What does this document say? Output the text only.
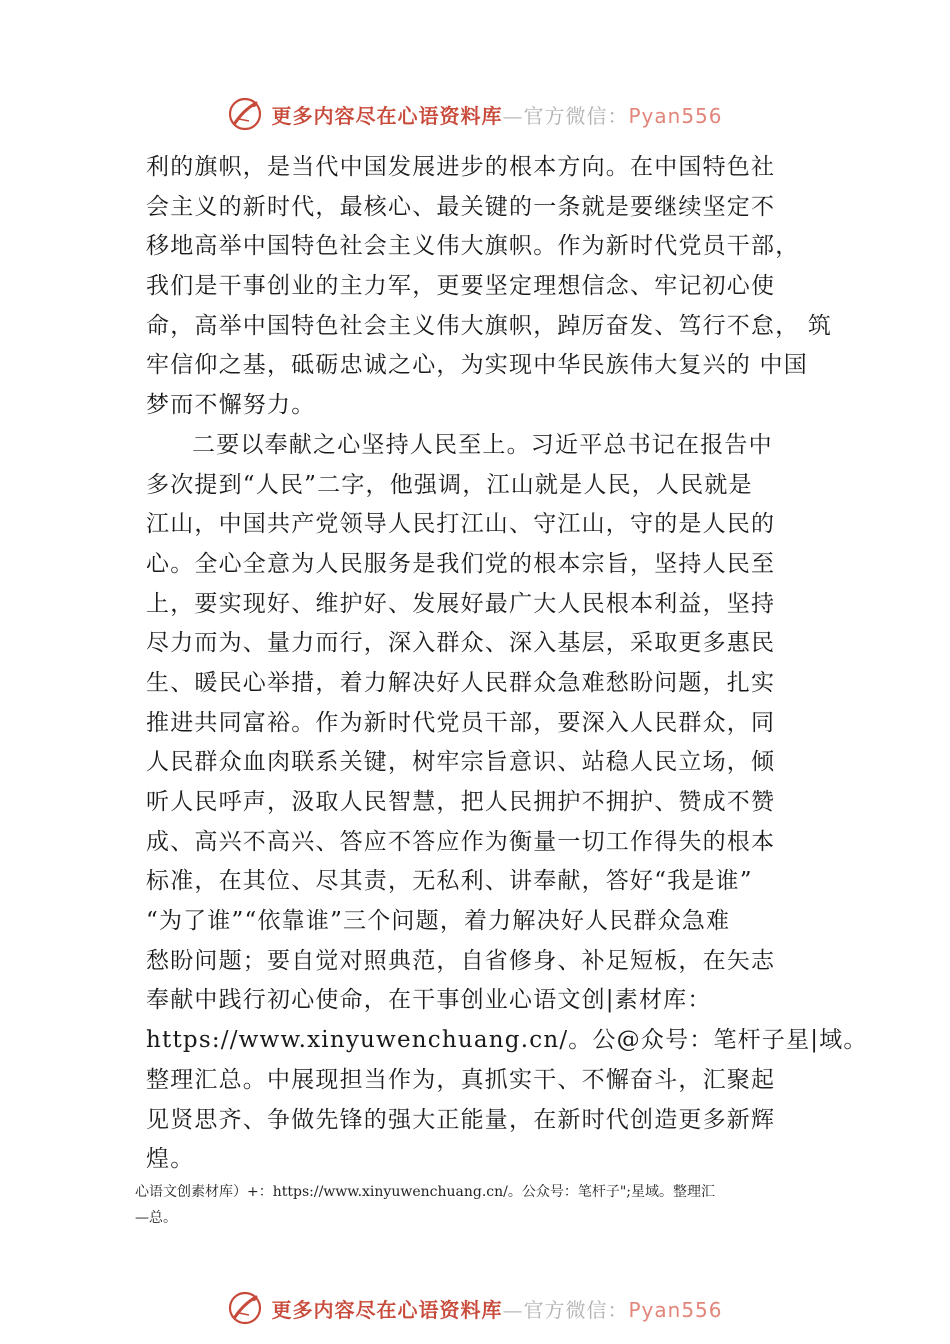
更多内容尽在心语资料库—官方微信：Pyan556
利的旗帜，是当代中国发展进步的根本方向。在中国特色社
会主义的新时代，最核心、最关键的一条就是要继续坚定不
移地高举中国特色社会主义伟大旗帜。作为新时代党员干部，
我们是干事创业的主力军，更要坚定理想信念、牢记初心使
命，高举中国特色社会主义伟大旗帜，踔厉奋发、笃行不怠， 筑
牢信仰之基，砥砺忠诚之心，为实现中华民族伟大复兴的 中国
梦而不懈努力。
二要以奉献之心坚持人民至上。习近平总书记在报告中
多次提到“人民”二字，他强调，江山就是人民，人民就是
江山，中国共产党领导人民打江山、守江山，守的是人民的
心。全心全意为人民服务是我们党的根本宗旨，坚持人民至
上，要实现好、维护好、发展好最广大人民根本利益，坚持
尽力而为、量力而行，深入群众、深入基层，采取更多惠民
生、暖民心举措，着力解决好人民群众急难愁盼问题，扎实
推进共同富裕。作为新时代党员干部，要深入人民群众，同
人民群众血肉联系关键，树牢宗旨意识、站稳人民立场，倾
听人民呼声，汲取人民智慧，把人民拥护不拥护、赞成不赞
成、高兴不高兴、答应不答应作为衡量一切工作得失的根本
标准，在其位、尽其责，无私利、讲奉献，答好“我是谁”
“为了谁”“依靠谁”三个问题，着力解决好人民群众急难
愁盼问题；要自觉对照典范，自省修身、补足短板，在矢志
奉献中践行初心使命，在干事创业心语文创|素材库：
https://www.xinyuwenchuang.cn/。公@众号：笔杆子星|域。
整理汇总。中展现担当作为，真抓实干、不懈奋斗，汇聚起
见贤思齐、争做先锋的强大正能量，在新时代创造更多新辉
煌。
心语文创素材库）+：https://www.xinyuwenchuang.cn/。公众号：笔杆子";星域。整理汇
—总。
更多内容尽在心语资料库—官方微信：Pyan556
